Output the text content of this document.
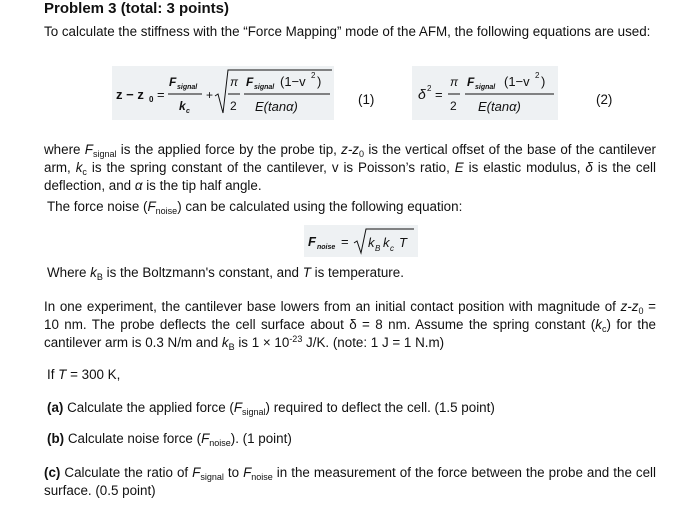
Problem 3 (total: 3 points)
To calculate the stiffness with the “Force Mapping” mode of the AFM, the following equations are used:
z − z 0 =
F signal
k c
+
π
2
F signal (1−v 2 )
E(tanα)	(1)	δ 2 =
π
2
F signal (1−v 2 )
E(tanα)	(2)
where $F_{signal}$ is the applied force by the probe tip, $z-z_0$ is the vertical offset of the base of the cantilever arm, $k_c$ is the spring constant of the cantilever, v is Poisson’s ratio, E is elastic modulus, δ is the cell deflection, and α is the tip half angle.
The force noise $(F_{noise})$ can be calculated using the following equation:
F noise = k B k c T
Where $k_B$ is the Boltzmann's constant, and T is temperature.
In one experiment, the cantilever base lowers from an initial contact position with magnitude of $z-z_0 = 10$ nm. The probe deflects the cell surface about δ = 8 nm. Assume the spring constant $(k_c)$ for the cantilever arm is 0.3 N/m and $k_B$ is $1 \times 10^{-23}$ J/K. (note: 1 J = 1 N.m)
If T = 300 K,
(a) Calculate the applied force $(F_{signal})$ required to deflect the cell. (1.5 point)
(b) Calculate noise force $(F_{noise})$. (1 point)
(c) Calculate the ratio of $F_{signal}$ to $F_{noise}$ in the measurement of the force between the probe and the cell surface. (0.5 point)
